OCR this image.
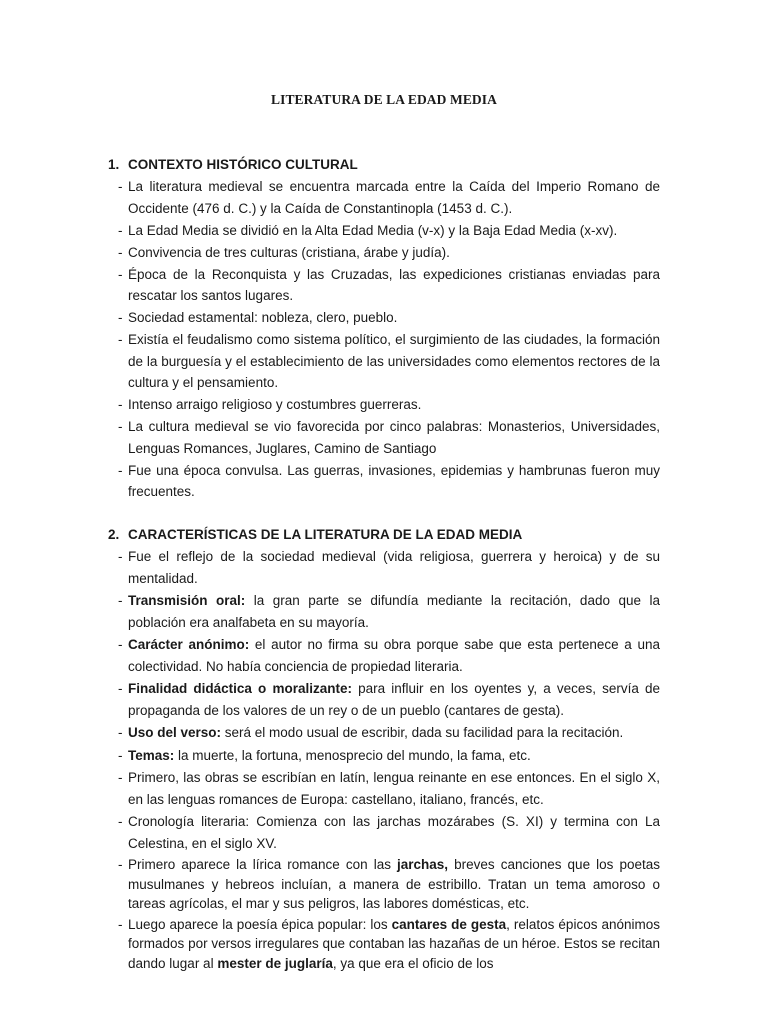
LITERATURA DE LA EDAD MEDIA
1. CONTEXTO HISTÓRICO CULTURAL
- La literatura medieval se encuentra marcada entre la Caída del Imperio Romano de Occidente (476 d. C.) y la Caída de Constantinopla (1453 d. C.).
- La Edad Media se dividió en la Alta Edad Media (v-x) y la Baja Edad Media (x-xv).
- Convivencia de tres culturas (cristiana, árabe y judía).
- Época de la Reconquista y las Cruzadas, las expediciones cristianas enviadas para rescatar los santos lugares.
- Sociedad estamental: nobleza, clero, pueblo.
- Existía el feudalismo como sistema político, el surgimiento de las ciudades, la formación de la burguesía y el establecimiento de las universidades como elementos rectores de la cultura y el pensamiento.
- Intenso arraigo religioso y costumbres guerreras.
- La cultura medieval se vio favorecida por cinco palabras: Monasterios, Universidades, Lenguas Romances, Juglares, Camino de Santiago
- Fue una época convulsa. Las guerras, invasiones, epidemias y hambrunas fueron muy frecuentes.
2. CARACTERÍSTICAS DE LA LITERATURA DE LA EDAD MEDIA
- Fue el reflejo de la sociedad medieval (vida religiosa, guerrera y heroica) y de su mentalidad.
- Transmisión oral: la gran parte se difundía mediante la recitación, dado que la población era analfabeta en su mayoría.
- Carácter anónimo: el autor no firma su obra porque sabe que esta pertenece a una colectividad. No había conciencia de propiedad literaria.
- Finalidad didáctica o moralizante: para influir en los oyentes y, a veces, servía de propaganda de los valores de un rey o de un pueblo (cantares de gesta).
- Uso del verso: será el modo usual de escribir, dada su facilidad para la recitación.
- Temas: la muerte, la fortuna, menosprecio del mundo, la fama, etc.
- Primero, las obras se escribían en latín, lengua reinante en ese entonces. En el siglo X, en las lenguas romances de Europa: castellano, italiano, francés, etc.
- Cronología literaria: Comienza con las jarchas mozárabes (S. XI) y termina con La Celestina, en el siglo XV.
- Primero aparece la lírica romance con las jarchas, breves canciones que los poetas musulmanes y hebreos incluían, a manera de estribillo. Tratan un tema amoroso o tareas agrícolas, el mar y sus peligros, las labores domésticas, etc.
- Luego aparece la poesía épica popular: los cantares de gesta, relatos épicos anónimos formados por versos irregulares que contaban las hazañas de un héroe. Estos se recitan dando lugar al mester de juglaría, ya que era el oficio de los
